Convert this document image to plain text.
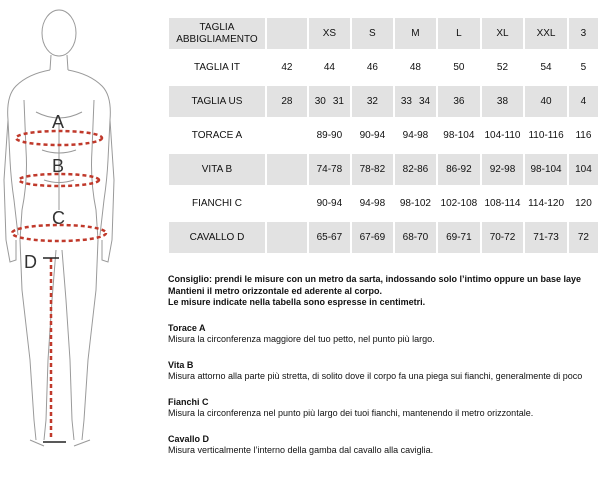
A
B
C
D
TAGLIA
ABBIGLIAMENTO		XS	S	M	L	XL	XXL	3
TAGLIA IT	42	44	46	48	50	52	54	5
TAGLIA US	28	30 31	32	33 34	36	38	40	4
TORACE A		89-90	90-94	94-98	98-104	104-110	110-116	116
VITA B		74-78	78-82	82-86	86-92	92-98	98-104	104
FIANCHI C		90-94	94-98	98-102	102-108	108-114	114-120	120
CAVALLO D		65-67	67-69	68-70	69-71	70-72	71-73	72
Consiglio: prendi le misure con un metro da sarta, indossando solo l’intimo oppure un base laye
Mantieni il metro orizzontale ed aderente al corpo.
Le misure indicate nella tabella sono espresse in centimetri.
Torace A
Misura la circonferenza maggiore del tuo petto, nel punto più largo.
Vita B
Misura attorno alla parte più stretta, di solito dove il corpo fa una piega sui fianchi, generalmente di poco
Fianchi C
Misura la circonferenza nel punto più largo dei tuoi fianchi, mantenendo il metro orizzontale.
Cavallo D
Misura verticalmente l’interno della gamba dal cavallo alla caviglia.
